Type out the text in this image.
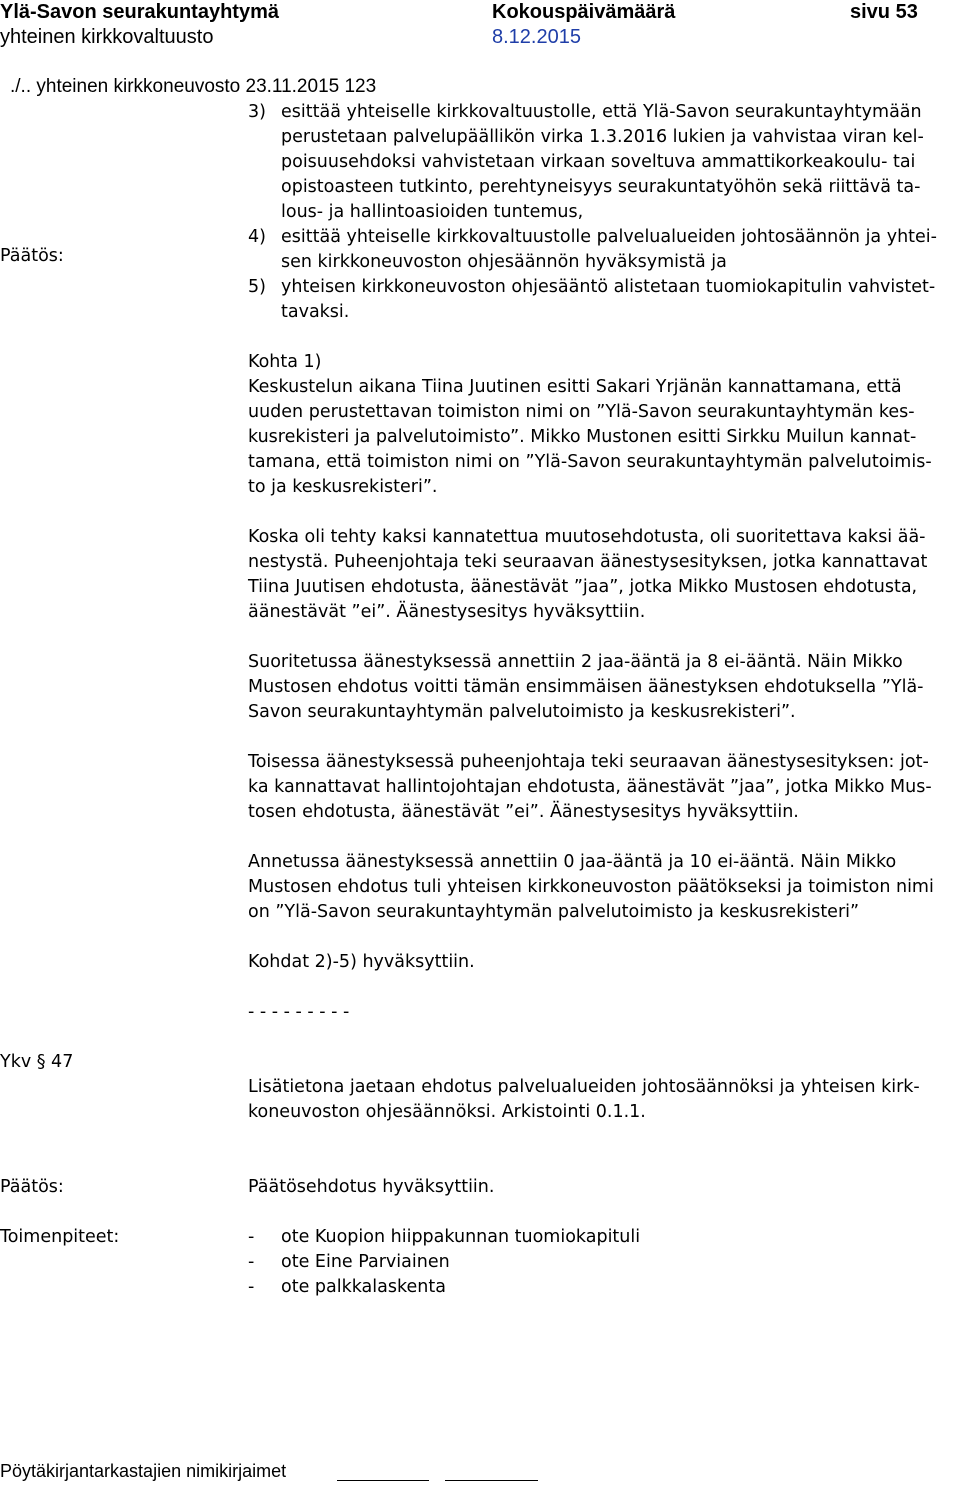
Ylä-Savon seurakuntayhtymä
yhteinen kirkkovaltuusto
Kokouspäivämäärä
8.12.2015
sivu 53
./.. yhteinen kirkkoneuvosto 23.11.2015 123
3) esittää yhteiselle kirkkovaltuustolle, että Ylä-Savon seurakuntayhtymään
perustetaan palvelupäällikön virka 1.3.2016 lukien ja vahvistaa viran kel-
poisuusehdoksi vahvistetaan virkaan soveltuva ammattikorkeakoulu- tai
opistoasteen tutkinto, perehtyneisyys seurakuntatyöhön sekä riittävä ta-
lous- ja hallintoasioiden tuntemus,
4) esittää yhteiselle kirkkovaltuustolle palvelualueiden johtosäännön ja yhtei-
sen kirkkoneuvoston ohjesäännön hyväksymistä ja
5) yhteisen kirkkoneuvoston ohjesääntö alistetaan tuomiokapitulin vahvistet-
tavaksi.
Päätös:
Kohta 1)
Keskustelun aikana Tiina Juutinen esitti Sakari Yrjänän kannattamana, että
uuden perustettavan toimiston nimi on ”Ylä-Savon seurakuntayhtymän kes-
kusrekisteri ja palvelutoimisto”. Mikko Mustonen esitti Sirkku Muilun kannat-
tamana, että toimiston nimi on ”Ylä-Savon seurakuntayhtymän palvelutoimis-
to ja keskusrekisteri”.
Koska oli tehty kaksi kannatettua muutosehdotusta, oli suoritettava kaksi ää-
nestystä. Puheenjohtaja teki seuraavan äänestysesityksen, jotka kannattavat
Tiina Juutisen ehdotusta, äänestävät ”jaa”, jotka Mikko Mustosen ehdotusta,
äänestävät ”ei”. Äänestysesitys hyväksyttiin.
Suoritetussa äänestyksessä annettiin 2 jaa-ääntä ja 8 ei-ääntä. Näin Mikko
Mustosen ehdotus voitti tämän ensimmäisen äänestyksen ehdotuksella ”Ylä-
Savon seurakuntayhtymän palvelutoimisto ja keskusrekisteri”.
Toisessa äänestyksessä puheenjohtaja teki seuraavan äänestysesityksen: jot-
ka kannattavat hallintojohtajan ehdotusta, äänestävät ”jaa”, jotka Mikko Mus-
tosen ehdotusta, äänestävät ”ei”. Äänestysesitys hyväksyttiin.
Annetussa äänestyksessä annettiin 0 jaa-ääntä ja 10 ei-ääntä. Näin Mikko
Mustosen ehdotus tuli yhteisen kirkkoneuvoston päätökseksi ja toimiston nimi
on ”Ylä-Savon seurakuntayhtymän palvelutoimisto ja keskusrekisteri”
Kohdat 2)-5) hyväksyttiin.
- - - - - - - - -
Ykv § 47
Lisätietona jaetaan ehdotus palvelualueiden johtosäännöksi ja yhteisen kirk-
koneuvoston ohjesäännöksi. Arkistointi 0.1.1.
Päätös:	Päätösehdotus hyväksyttiin.
Toimenpiteet:	- ote Kuopion hiippakunnan tuomiokapituli
- ote Eine Parviainen
- ote palkkalaskenta
Pöytäkirjantarkastajien nimikirjaimet
